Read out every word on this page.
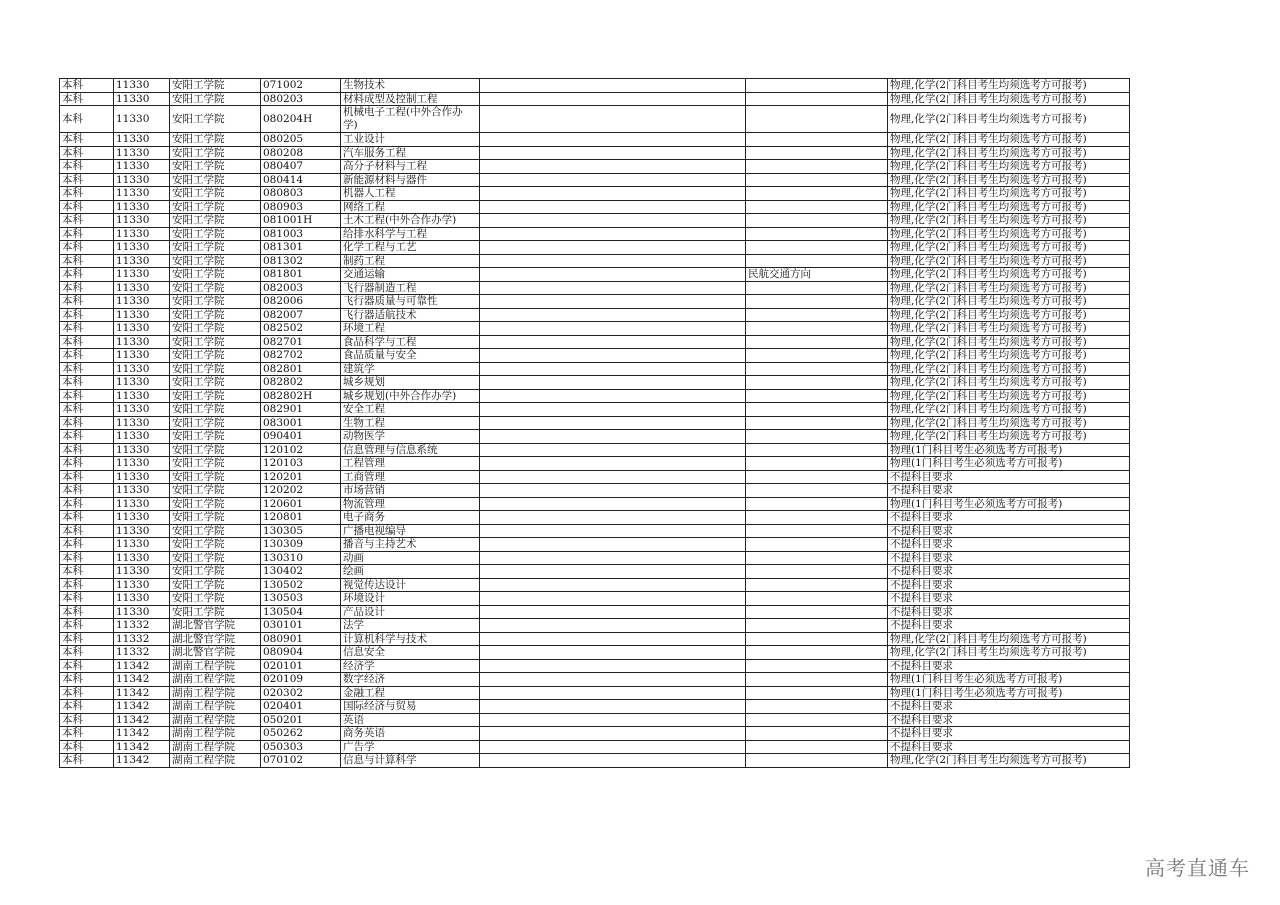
本科	11330	安阳工学院	071002	生物技术			物理,化学(2门科目考生均须选考方可报考)
本科	11330	安阳工学院	080203	材料成型及控制工程			物理,化学(2门科目考生均须选考方可报考)
本科	11330	安阳工学院	080204H	机械电子工程(中外合作办学)			物理,化学(2门科目考生均须选考方可报考)
本科	11330	安阳工学院	080205	工业设计			物理,化学(2门科目考生均须选考方可报考)
本科	11330	安阳工学院	080208	汽车服务工程			物理,化学(2门科目考生均须选考方可报考)
本科	11330	安阳工学院	080407	高分子材料与工程			物理,化学(2门科目考生均须选考方可报考)
本科	11330	安阳工学院	080414	新能源材料与器件			物理,化学(2门科目考生均须选考方可报考)
本科	11330	安阳工学院	080803	机器人工程			物理,化学(2门科目考生均须选考方可报考)
本科	11330	安阳工学院	080903	网络工程			物理,化学(2门科目考生均须选考方可报考)
本科	11330	安阳工学院	081001H	土木工程(中外合作办学)			物理,化学(2门科目考生均须选考方可报考)
本科	11330	安阳工学院	081003	给排水科学与工程			物理,化学(2门科目考生均须选考方可报考)
本科	11330	安阳工学院	081301	化学工程与工艺			物理,化学(2门科目考生均须选考方可报考)
本科	11330	安阳工学院	081302	制药工程			物理,化学(2门科目考生均须选考方可报考)
本科	11330	安阳工学院	081801	交通运输		民航交通方向	物理,化学(2门科目考生均须选考方可报考)
本科	11330	安阳工学院	082003	飞行器制造工程			物理,化学(2门科目考生均须选考方可报考)
本科	11330	安阳工学院	082006	飞行器质量与可靠性			物理,化学(2门科目考生均须选考方可报考)
本科	11330	安阳工学院	082007	飞行器适航技术			物理,化学(2门科目考生均须选考方可报考)
本科	11330	安阳工学院	082502	环境工程			物理,化学(2门科目考生均须选考方可报考)
本科	11330	安阳工学院	082701	食品科学与工程			物理,化学(2门科目考生均须选考方可报考)
本科	11330	安阳工学院	082702	食品质量与安全			物理,化学(2门科目考生均须选考方可报考)
本科	11330	安阳工学院	082801	建筑学			物理,化学(2门科目考生均须选考方可报考)
本科	11330	安阳工学院	082802	城乡规划			物理,化学(2门科目考生均须选考方可报考)
本科	11330	安阳工学院	082802H	城乡规划(中外合作办学)			物理,化学(2门科目考生均须选考方可报考)
本科	11330	安阳工学院	082901	安全工程			物理,化学(2门科目考生均须选考方可报考)
本科	11330	安阳工学院	083001	生物工程			物理,化学(2门科目考生均须选考方可报考)
本科	11330	安阳工学院	090401	动物医学			物理,化学(2门科目考生均须选考方可报考)
本科	11330	安阳工学院	120102	信息管理与信息系统			物理(1门科目考生必须选考方可报考)
本科	11330	安阳工学院	120103	工程管理			物理(1门科目考生必须选考方可报考)
本科	11330	安阳工学院	120201	工商管理			不提科目要求
本科	11330	安阳工学院	120202	市场营销			不提科目要求
本科	11330	安阳工学院	120601	物流管理			物理(1门科目考生必须选考方可报考)
本科	11330	安阳工学院	120801	电子商务			不提科目要求
本科	11330	安阳工学院	130305	广播电视编导			不提科目要求
本科	11330	安阳工学院	130309	播音与主持艺术			不提科目要求
本科	11330	安阳工学院	130310	动画			不提科目要求
本科	11330	安阳工学院	130402	绘画			不提科目要求
本科	11330	安阳工学院	130502	视觉传达设计			不提科目要求
本科	11330	安阳工学院	130503	环境设计			不提科目要求
本科	11330	安阳工学院	130504	产品设计			不提科目要求
本科	11332	湖北警官学院	030101	法学			不提科目要求
本科	11332	湖北警官学院	080901	计算机科学与技术			物理,化学(2门科目考生均须选考方可报考)
本科	11332	湖北警官学院	080904	信息安全			物理,化学(2门科目考生均须选考方可报考)
本科	11342	湖南工程学院	020101	经济学			不提科目要求
本科	11342	湖南工程学院	020109	数字经济			物理(1门科目考生必须选考方可报考)
本科	11342	湖南工程学院	020302	金融工程			物理(1门科目考生必须选考方可报考)
本科	11342	湖南工程学院	020401	国际经济与贸易			不提科目要求
本科	11342	湖南工程学院	050201	英语			不提科目要求
本科	11342	湖南工程学院	050262	商务英语			不提科目要求
本科	11342	湖南工程学院	050303	广告学			不提科目要求
本科	11342	湖南工程学院	070102	信息与计算科学			物理,化学(2门科目考生均须选考方可报考)
高考直通车
